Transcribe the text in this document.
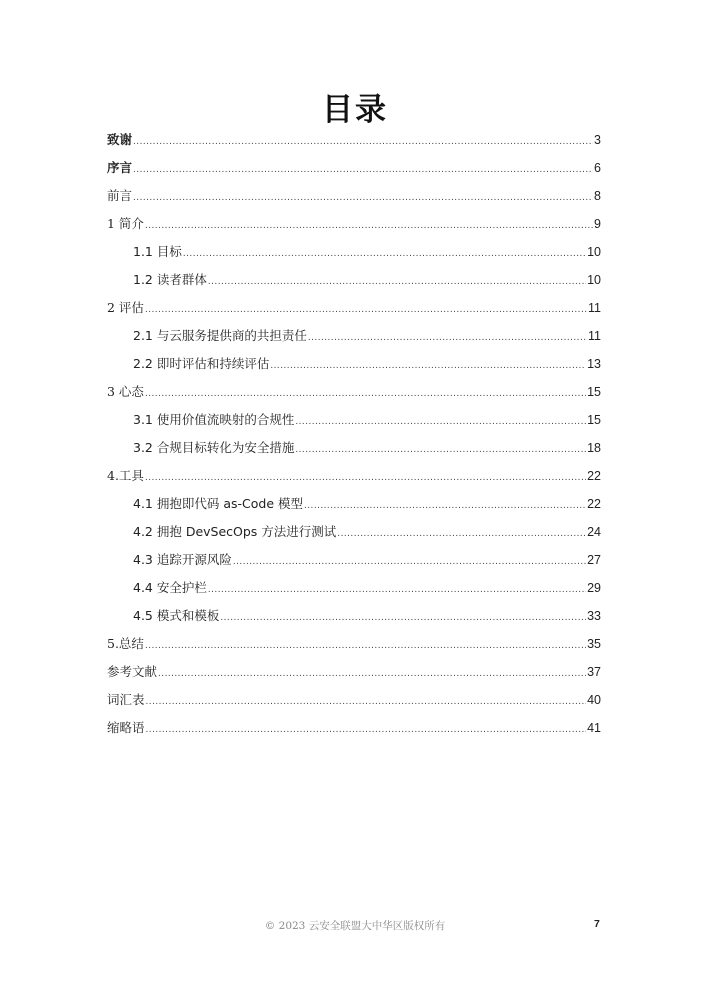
目录
致谢 .....	3
序言 .....	6
前言 .....	8
1 简介 .....	9
1.1 目标 .....	10
1.2 读者群体 .....	10
2 评估 .....	11
2.1 与云服务提供商的共担责任 .....	11
2.2 即时评估和持续评估 .....	13
3 心态 .....	15
3.1 使用价值流映射的合规性 .....	15
3.2 合规目标转化为安全措施 .....	18
4.工具 .....	22
4.1 拥抱即代码 as-Code 模型 .....	22
4.2 拥抱 DevSecOps 方法进行测试 .....	24
4.3 追踪开源风险 .....	27
4.4 安全护栏 .....	29
4.5 模式和模板 .....	33
5.总结 .....	35
参考文献 .....	37
词汇表 .....	40
缩略语 .....	41
© 2023 云安全联盟大中华区版权所有	7
